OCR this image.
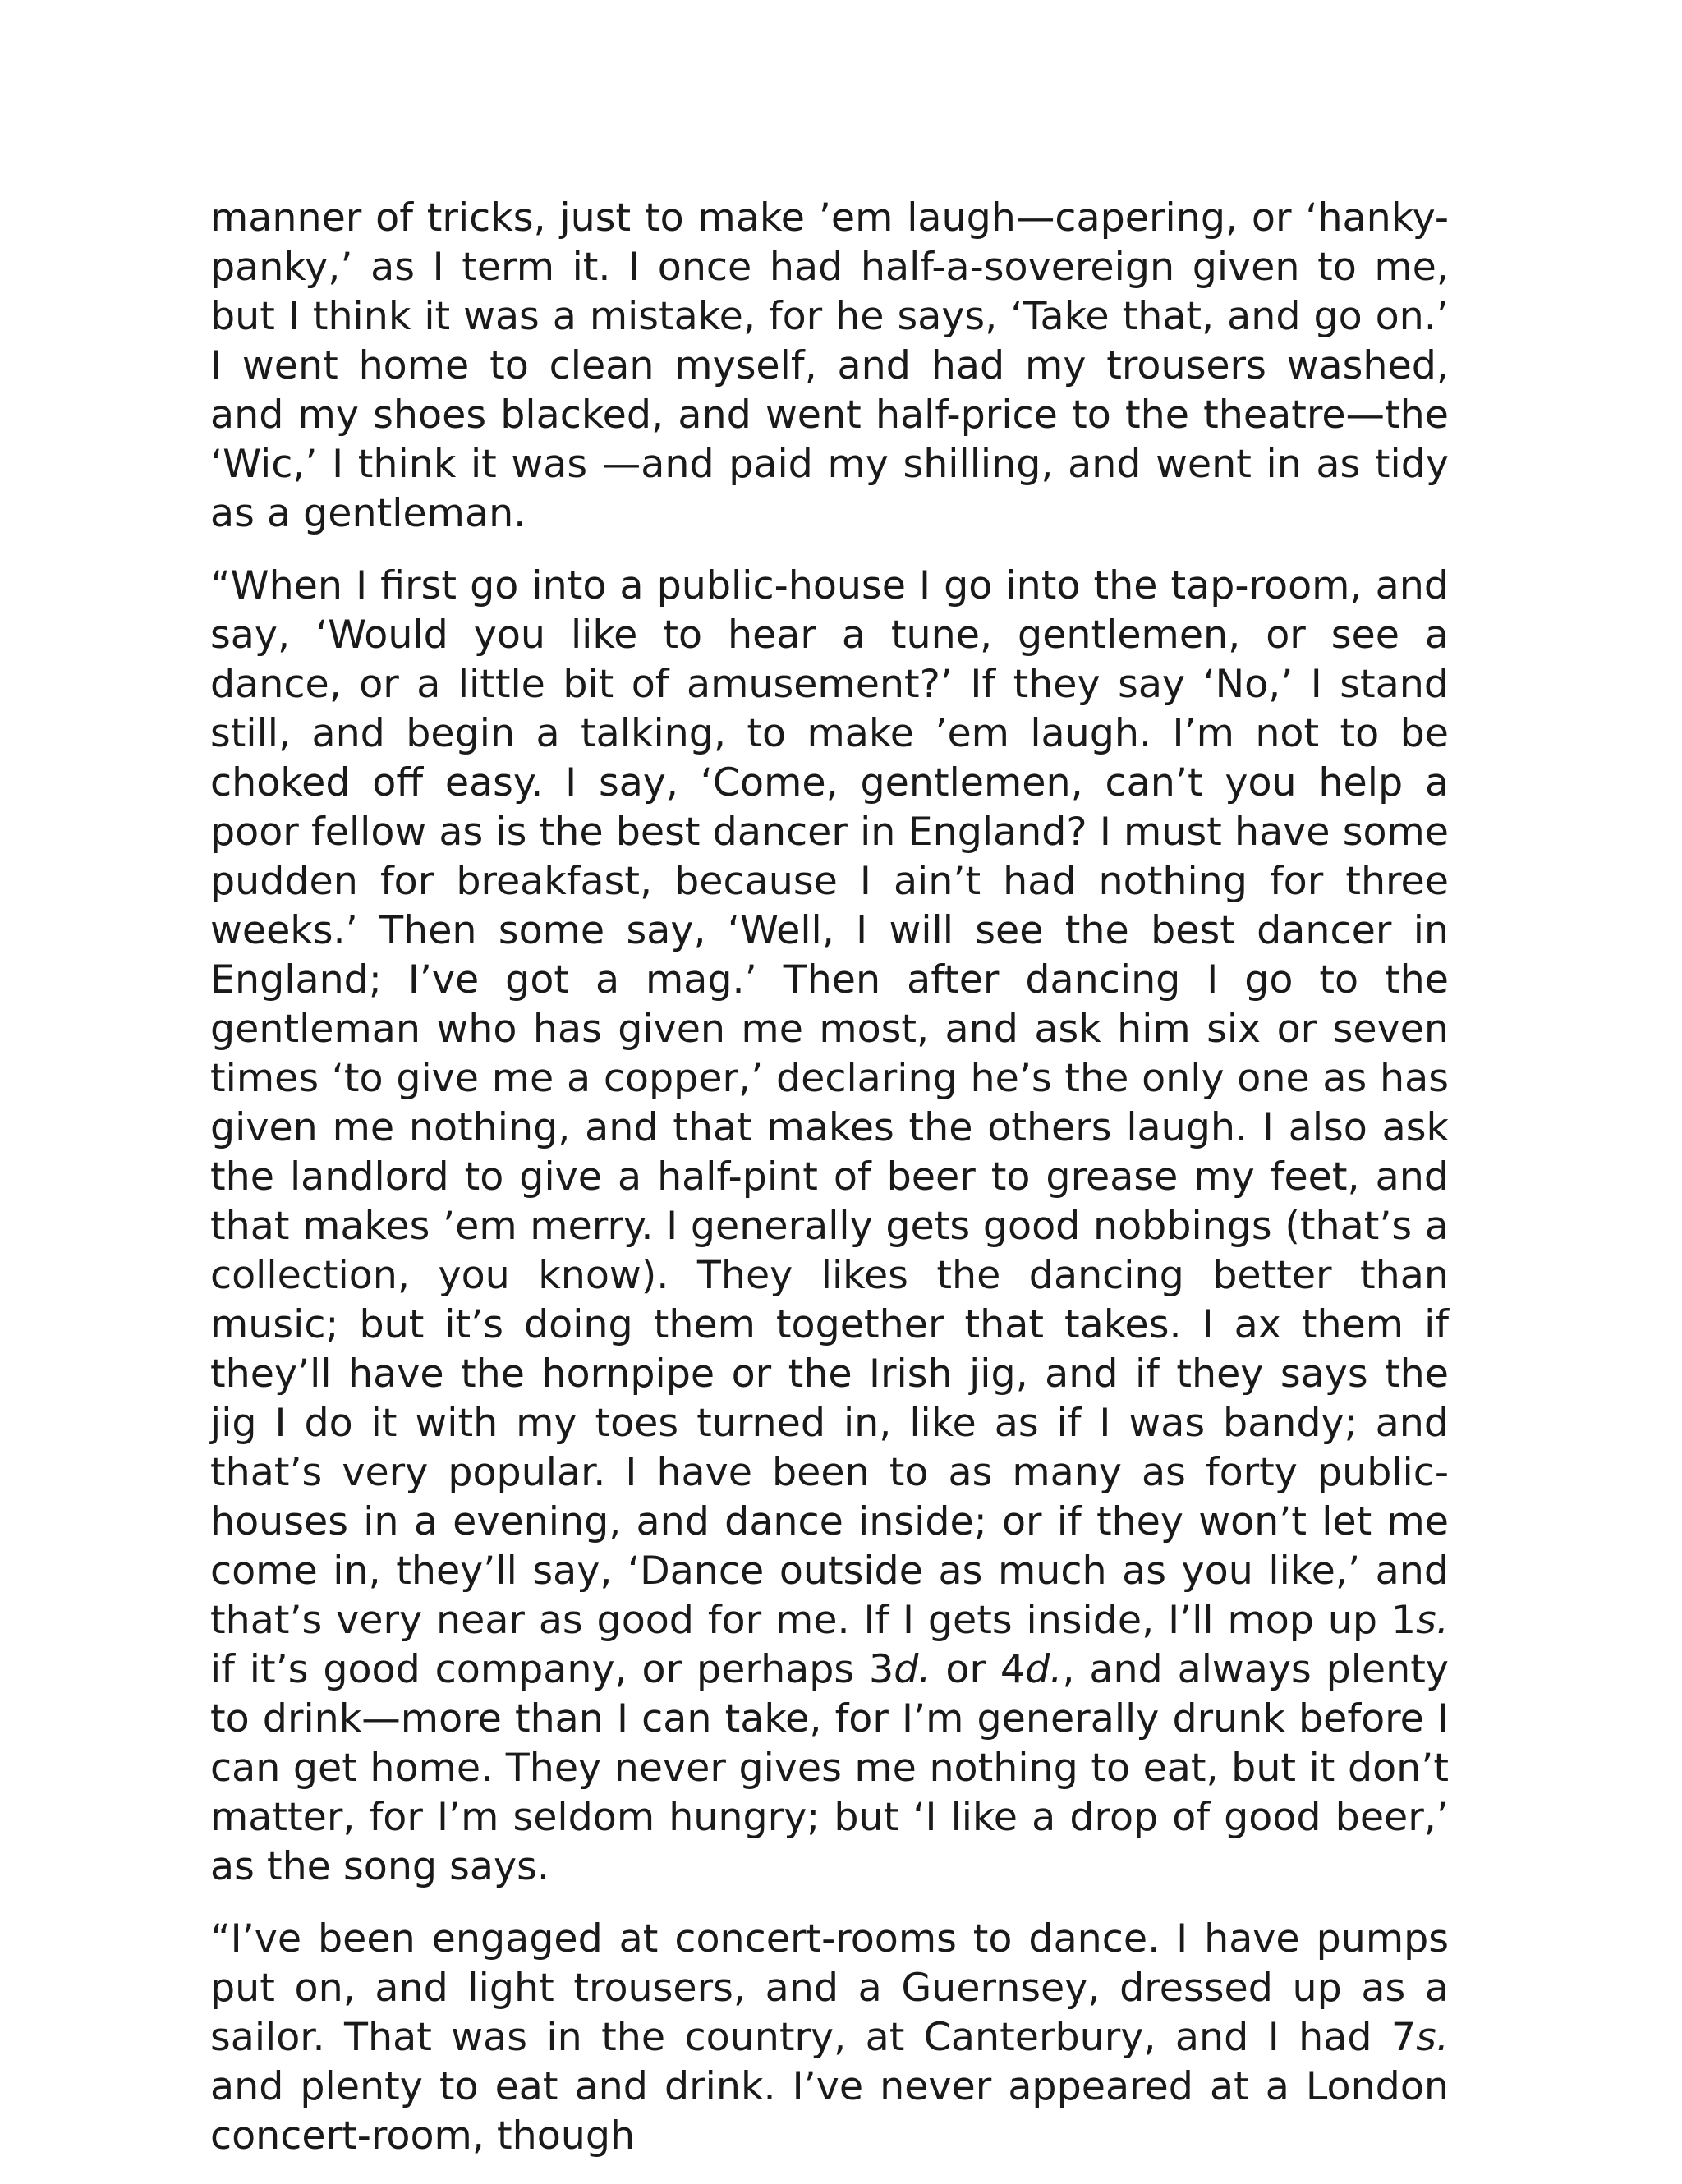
manner of tricks, just to make ’em laugh—capering, or ‘hanky-panky,’ as I term it. I once had half-a-sovereign given to me, but I think it was a mistake, for he says, ‘Take that, and go on.’ I went home to clean myself, and had my trousers washed, and my shoes blacked, and went half-price to the theatre—the ‘Wic,’ I think it was —and paid my shilling, and went in as tidy as a gentleman.

“When I first go into a public-house I go into the tap-room, and say, ‘Would you like to hear a tune, gentlemen, or see a dance, or a little bit of amusement?’ If they say ‘No,’ I stand still, and begin a talking, to make ’em laugh. I’m not to be choked off easy. I say, ‘Come, gentlemen, can’t you help a poor fellow as is the best dancer in England? I must have some pudden for breakfast, because I ain’t had nothing for three weeks.’ Then some say, ‘Well, I will see the best dancer in England; I’ve got a mag.’ Then after dancing I go to the gentleman who has given me most, and ask him six or seven times ‘to give me a copper,’ declaring he’s the only one as has given me nothing, and that makes the others laugh. I also ask the landlord to give a half-pint of beer to grease my feet, and that makes ’em merry. I generally gets good nobbings (that’s a collection, you know). They likes the dancing better than music; but it’s doing them together that takes. I ax them if they’ll have the hornpipe or the Irish jig, and if they says the jig I do it with my toes turned in, like as if I was bandy; and that’s very popular. I have been to as many as forty public-houses in a evening, and dance inside; or if they won’t let me come in, they’ll say, ‘Dance outside as much as you like,’ and that’s very near as good for me. If I gets inside, I’ll mop up 1s. if it’s good company, or perhaps 3d. or 4d., and always plenty to drink—more than I can take, for I’m generally drunk before I can get home. They never gives me nothing to eat, but it don’t matter, for I’m seldom hungry; but ‘I like a drop of good beer,’ as the song says.

“I’ve been engaged at concert-rooms to dance. I have pumps put on, and light trousers, and a Guernsey, dressed up as a sailor. That was in the country, at Canterbury, and I had 7s. and plenty to eat and drink. I’ve never appeared at a London concert-room, though
